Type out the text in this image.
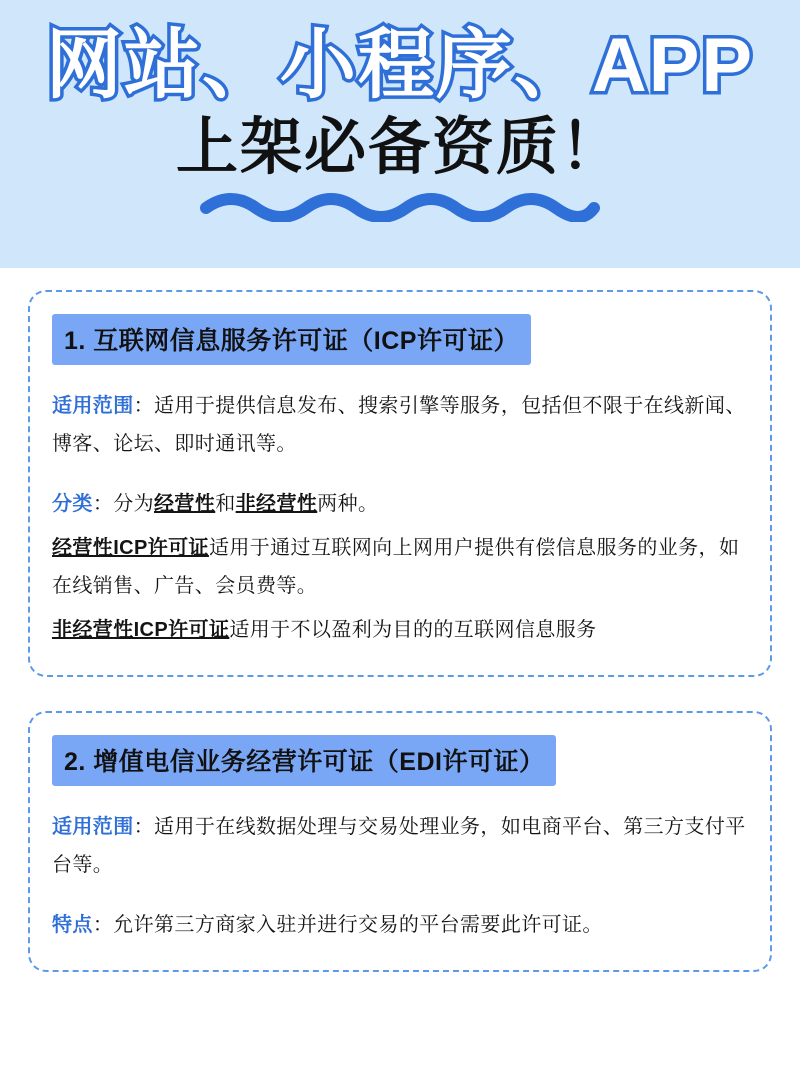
网站、小程序、APP
上架必备资质！
1. 互联网信息服务许可证（ICP许可证）
适用范围：适用于提供信息发布、搜索引擎等服务，包括但不限于在线新闻、博客、论坛、即时通讯等。
分类：分为经营性和非经营性两种。
经营性ICP许可证适用于通过互联网向上网用户提供有偿信息服务的业务，如在线销售、广告、会员费等。
非经营性ICP许可证适用于不以盈利为目的的互联网信息服务
2. 增值电信业务经营许可证（EDI许可证）
适用范围：适用于在线数据处理与交易处理业务，如电商平台、第三方支付平台等。
特点：允许第三方商家入驻并进行交易的平台需要此许可证。
